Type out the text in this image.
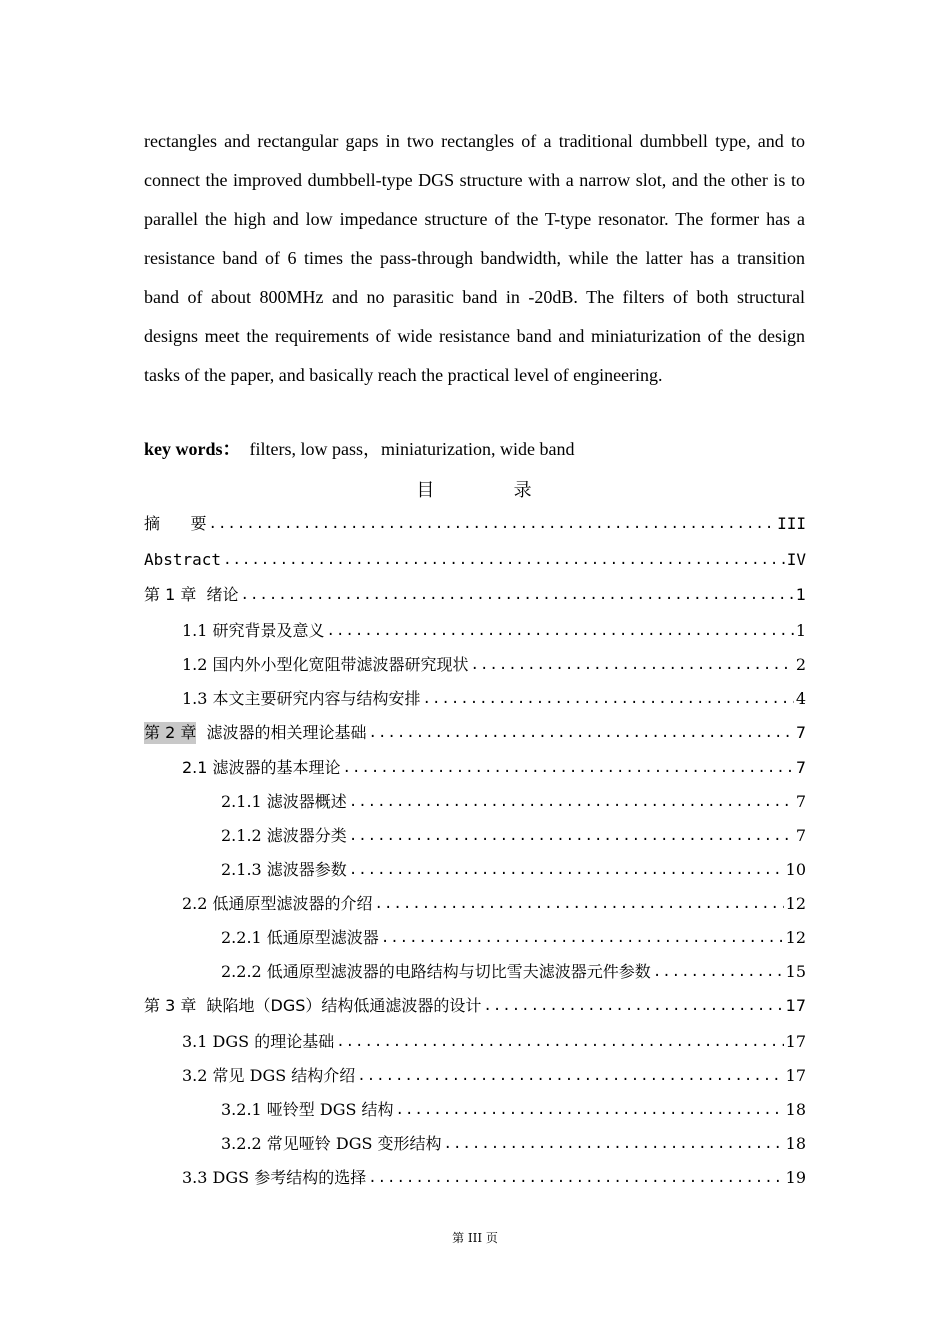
rectangles and rectangular gaps in two rectangles of a traditional dumbbell type, and to connect the improved dumbbell-type DGS structure with a narrow slot, and the other is to parallel the high and low impedance structure of the T-type resonator. The former has a resistance band of 6 times the pass-through bandwidth, while the latter has a transition band of about 800MHz and no parasitic band in -20dB. The filters of both structural designs meet the requirements of wide resistance band and miniaturization of the design tasks of the paper, and basically reach the practical level of engineering.

key words：  filters, low pass，miniaturization, wide band
目	录
摘      要 .....	III
Abstract .....	IV
第 1 章 绪论 .....	1
1.1 研究背景及意义 .....	1
1.2 国内外小型化宽阻带滤波器研究现状 .....	2
1.3 本文主要研究内容与结构安排 .....	4
第 2 章 滤波器的相关理论基础 .....	7
2.1 滤波器的基本理论 .....	7
2.1.1 滤波器概述 .....	7
2.1.2 滤波器分类 .....	7
2.1.3 滤波器参数 .....	10
2.2 低通原型滤波器的介绍 .....	12
2.2.1 低通原型滤波器 .....	12
2.2.2 低通原型滤波器的电路结构与切比雪夫滤波器元件参数 .....	15
第 3 章 缺陷地（DGS）结构低通滤波器的设计 .....	17
3.1 DGS 的理论基础 .....	17
3.2 常见 DGS 结构介绍 .....	17
3.2.1 哑铃型 DGS 结构 .....	18
3.2.2 常见哑铃 DGS 变形结构 .....	18
3.3 DGS 参考结构的选择 .....	19
第 III 页
